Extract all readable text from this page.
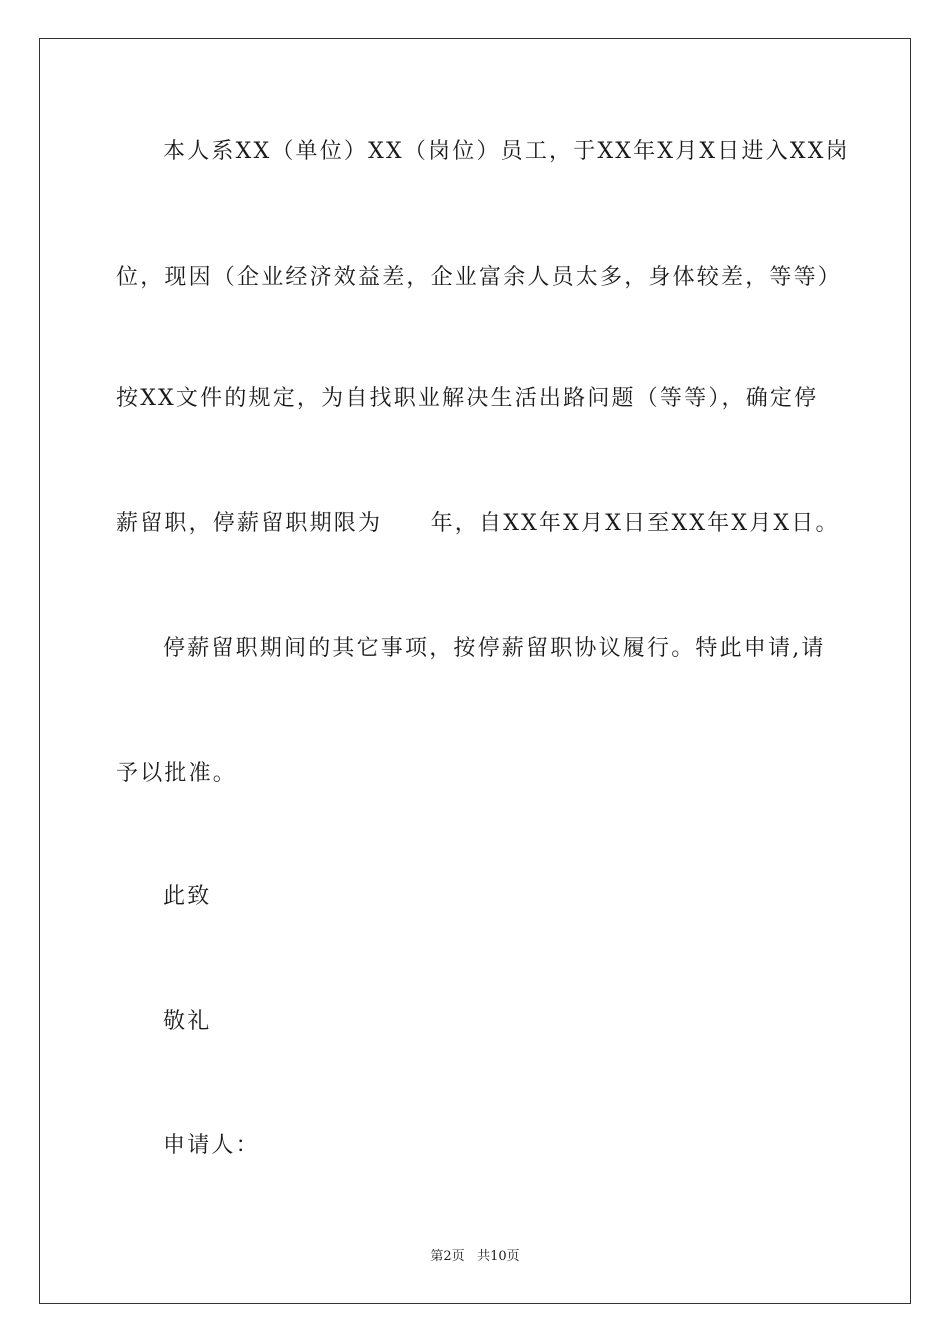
本人系XX（单位）XX（岗位）员工，于XX年X月X日进入XX岗
位，现因（企业经济效益差，企业富余人员太多，身体较差，等等）
按XX文件的规定，为自找职业解决生活出路问题（等等），确定停
薪留职，停薪留职期限为　　年，自XX年X月X日至XX年X月X日。
停薪留职期间的其它事项，按停薪留职协议履行。特此申请,请
予以批准。
此致
敬礼
申请人：
第2页 共10页
